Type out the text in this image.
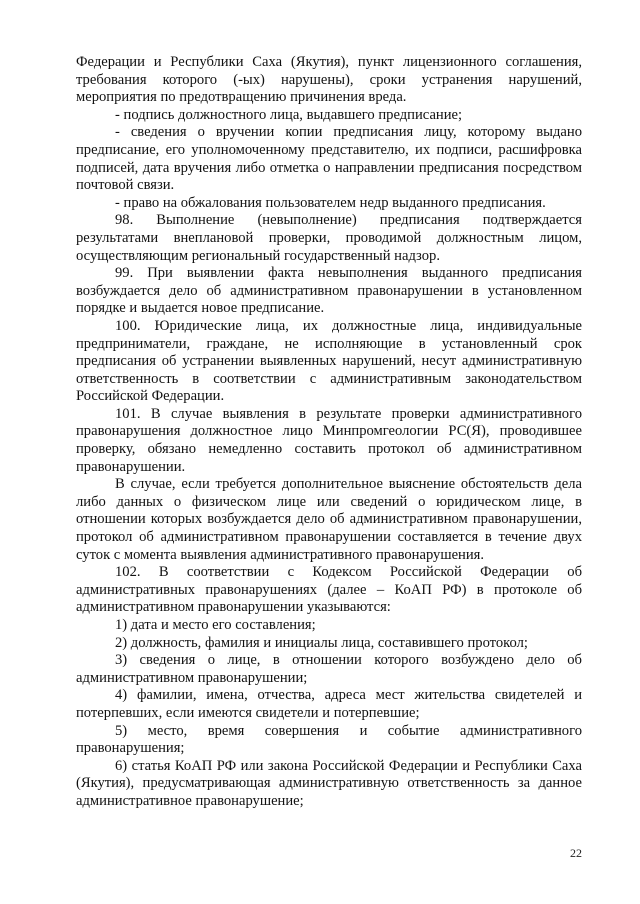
Федерации и Республики Саха (Якутия), пункт лицензионного соглашения, требования которого (-ых) нарушены), сроки устранения нарушений, мероприятия по предотвращению причинения вреда.

- подпись должностного лица, выдавшего предписание;

- сведения о вручении копии предписания лицу, которому выдано предписание, его уполномоченному представителю, их подписи, расшифровка подписей, дата вручения либо отметка о направлении предписания посредством почтовой связи.

- право на обжалования пользователем недр выданного предписания.

98. Выполнение (невыполнение) предписания подтверждается результатами внеплановой проверки, проводимой должностным лицом, осуществляющим региональный государственный надзор.

99. При выявлении факта невыполнения выданного предписания возбуждается дело об административном правонарушении в установленном порядке и выдается новое предписание.

100. Юридические лица, их должностные лица, индивидуальные предприниматели, граждане, не исполняющие в установленный срок предписания об устранении выявленных нарушений, несут административную ответственность в соответствии с административным законодательством Российской Федерации.

101. В случае выявления в результате проверки административного правонарушения должностное лицо Минпромгеологии РС(Я), проводившее проверку, обязано немедленно составить протокол об административном правонарушении.

В случае, если требуется дополнительное выяснение обстоятельств дела либо данных о физическом лице или сведений о юридическом лице, в отношении которых возбуждается дело об административном правонарушении, протокол об административном правонарушении составляется в течение двух суток с момента выявления административного правонарушения.

102. В соответствии с Кодексом Российской Федерации об административных правонарушениях (далее – КоАП РФ) в протоколе об административном правонарушении указываются:

1) дата и место его составления;

2) должность, фамилия и инициалы лица, составившего протокол;

3) сведения о лице, в отношении которого возбуждено дело об административном правонарушении;

4) фамилии, имена, отчества, адреса мест жительства свидетелей и потерпевших, если имеются свидетели и потерпевшие;

5) место, время совершения и событие административного правонарушения;

6) статья КоАП РФ или закона Российской Федерации и Республики Саха (Якутия), предусматривающая административную ответственность за данное административное правонарушение;

22
